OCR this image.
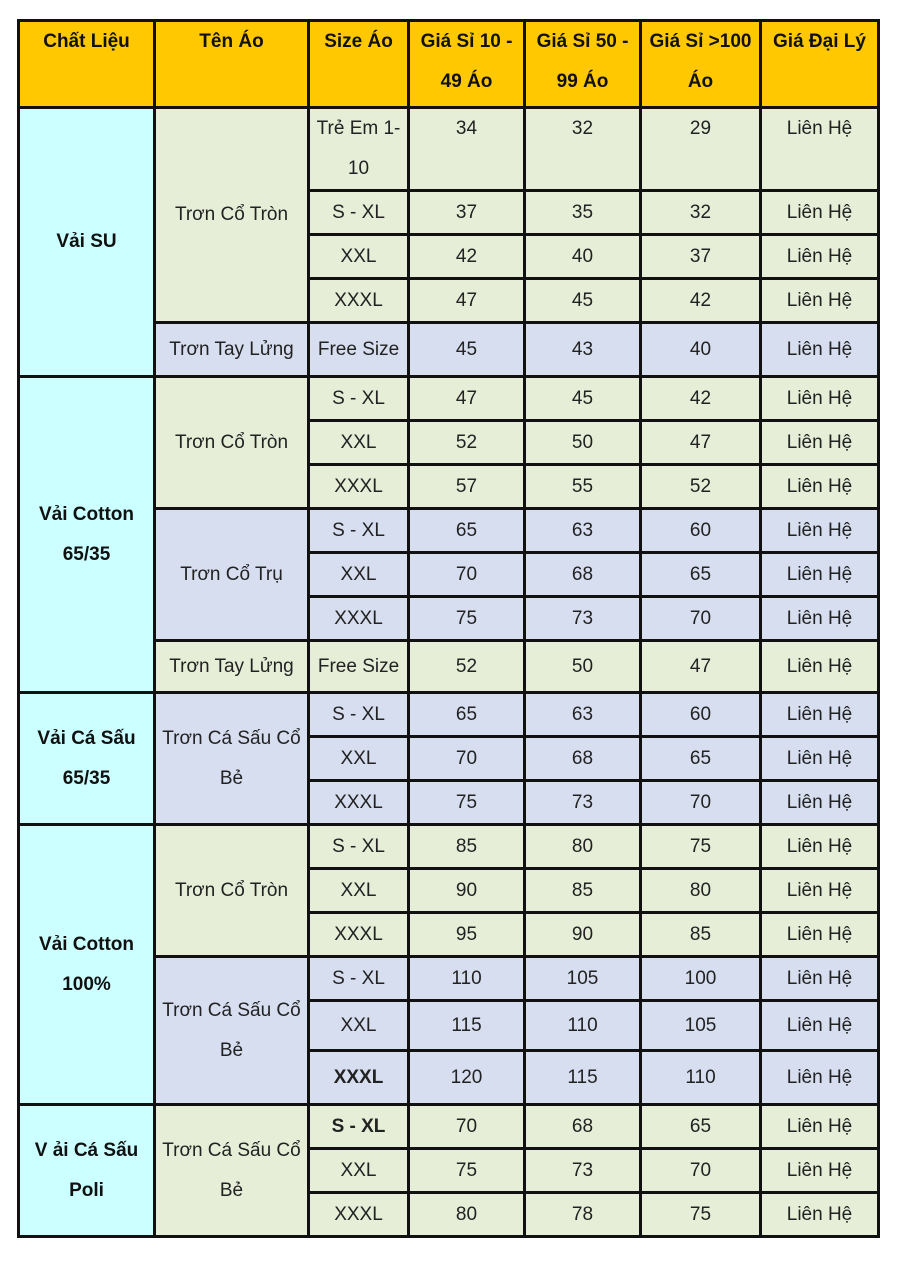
Chất Liệu	Tên Áo	Size Áo	Giá Sỉ 10 - 49 Áo	Giá Sỉ 50 - 99 Áo	Giá Sỉ >100 Áo	Giá Đại Lý
Vải SU	Trơn Cổ Tròn	Trẻ Em 1-10	34	32	29	Liên Hệ
		S - XL	37	35	32	Liên Hệ
		XXL	42	40	37	Liên Hệ
		XXXL	47	45	42	Liên Hệ
	Trơn Tay Lửng	Free Size	45	43	40	Liên Hệ
Vải Cotton 65/35	Trơn Cổ Tròn	S - XL	47	45	42	Liên Hệ
		XXL	52	50	47	Liên Hệ
		XXXL	57	55	52	Liên Hệ
	Trơn Cổ Trụ	S - XL	65	63	60	Liên Hệ
		XXL	70	68	65	Liên Hệ
		XXXL	75	73	70	Liên Hệ
	Trơn Tay Lửng	Free Size	52	50	47	Liên Hệ
Vải Cá Sấu 65/35	Trơn Cá Sấu Cổ Bẻ	S - XL	65	63	60	Liên Hệ
		XXL	70	68	65	Liên Hệ
		XXXL	75	73	70	Liên Hệ
Vải Cotton 100%	Trơn Cổ Tròn	S - XL	85	80	75	Liên Hệ
		XXL	90	85	80	Liên Hệ
		XXXL	95	90	85	Liên Hệ
	Trơn Cá Sấu Cổ Bẻ	S - XL	110	105	100	Liên Hệ
		XXL	115	110	105	Liên Hệ
		XXXL	120	115	110	Liên Hệ
V ải Cá Sấu Poli	Trơn Cá Sấu Cổ Bẻ	S - XL	70	68	65	Liên Hệ
		XXL	75	73	70	Liên Hệ
		XXXL	80	78	75	Liên Hệ
